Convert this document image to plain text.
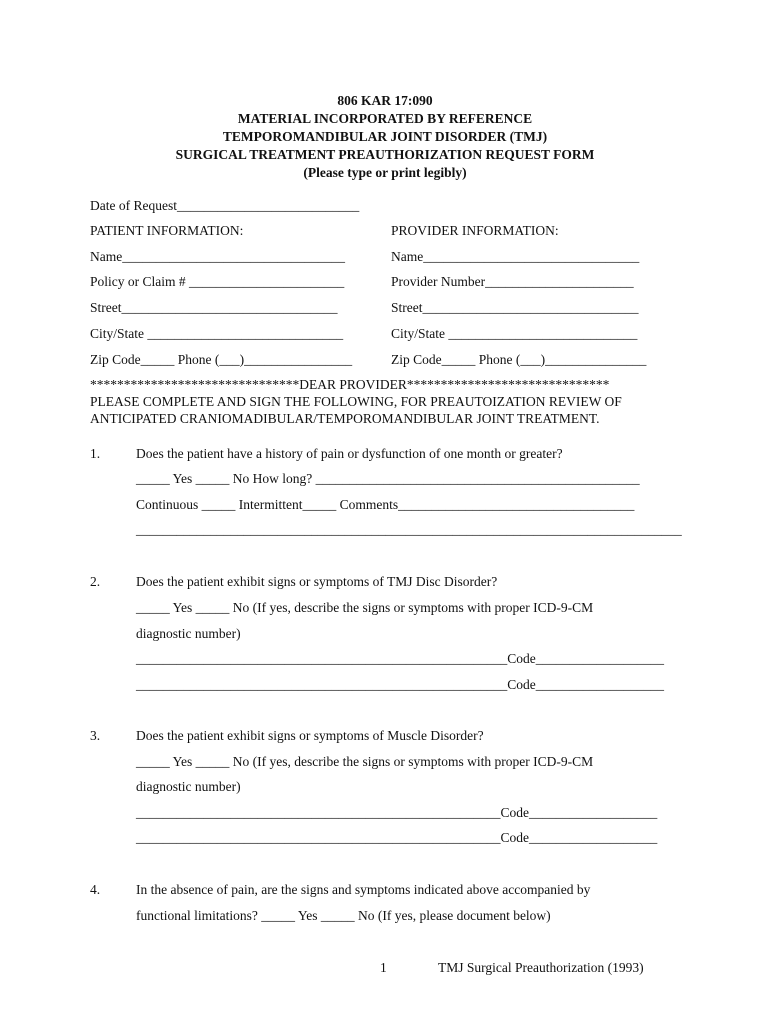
806 KAR 17:090
MATERIAL INCORPORATED BY REFERENCE
TEMPOROMANDIBULAR JOINT DISORDER (TMJ)
SURGICAL TREATMENT PREAUTHORIZATION REQUEST FORM
(Please type or print legibly)
Date of Request___________________________
PATIENT INFORMATION:	PROVIDER INFORMATION:
Name_________________________________	Name________________________________
Policy or Claim # _______________________	Provider Number______________________
Street________________________________	Street________________________________
City/State _____________________________	City/State ____________________________
Zip Code_____ Phone (___)________________	Zip Code_____ Phone (___)_______________
*******************************DEAR PROVIDER******************************
PLEASE COMPLETE AND SIGN THE FOLLOWING, FOR PREAUTOIZATION REVIEW OF
ANTICIPATED CRANIOMADIBULAR/TEMPOROMANDIBULAR JOINT TREATMENT.
1.	Does the patient have a history of pain or dysfunction of one month or greater?
_____ Yes _____ No How long? ________________________________________________
Continuous _____ Intermittent_____ Comments___________________________________
_________________________________________________________________________________
2.	Does the patient exhibit signs or symptoms of TMJ Disc Disorder?
_____ Yes _____ No (If yes, describe the signs or symptoms with proper ICD-9-CM
diagnostic number)
_______________________________________________________Code___________________
_______________________________________________________Code___________________
3.	Does the patient exhibit signs or symptoms of Muscle Disorder?
_____ Yes _____ No (If yes, describe the signs or symptoms with proper ICD-9-CM
diagnostic number)
______________________________________________________Code___________________
______________________________________________________Code___________________
4.	In the absence of pain, are the signs and symptoms indicated above accompanied by
functional limitations? _____ Yes _____ No (If yes, please document below)
1	TMJ Surgical Preauthorization (1993)
